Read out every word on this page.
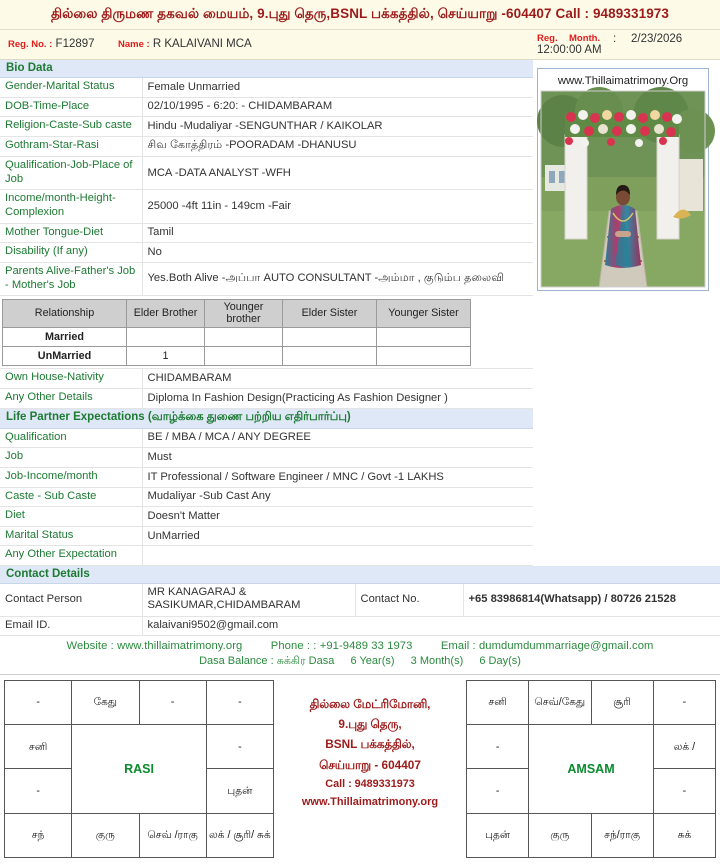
தில்லை திருமண தகவல் மையம், 9.புது தெரு,BSNL பக்கத்தில், செய்யாறு -604407 Call : 9489331973
Reg. No. : F12897 Name : R KALAIVANI MCA	Reg.	Month.	:	2/23/2026
12:00:00 AM
Bio Data
Gender-Marital Status	Female Unmarried
DOB-Time-Place	02/10/1995 - 6:20: - CHIDAMBARAM
Religion-Caste-Sub caste	Hindu -Mudaliyar -SENGUNTHAR / KAIKOLAR
Gothram-Star-Rasi	சிவ கோத்திரம் -POORADAM -DHANUSU
Qualification-Job-Place of Job	MCA -DATA ANALYST -WFH
Income/month-Height-Complexion	25000 -4ft 11in - 149cm -Fair
Mother Tongue-Diet	Tamil
Disability (If any)	No
Parents Alive-Father's Job - Mother's Job	Yes.Both Alive -அப்பா AUTO CONSULTANT -அம்மா , குடும்ப தலைவி
Relationship	Elder Brother	Younger brother	Elder Sister	Younger Sister
Married				
UnMarried	1			
Own House-Nativity	CHIDAMBARAM
Any Other Details	Diploma In Fashion Design(Practicing As Fashion Designer )
Life Partner Expectations (வாழ்க்கை துணை பற்றிய எதிர்பார்ப்பு)
Qualification	BE / MBA / MCA / ANY DEGREE
Job	Must
Job-Income/month	IT Professional / Software Engineer / MNC / Govt -1 LAKHS
Caste - Sub Caste	Mudaliyar -Sub Cast Any
Diet	Doesn't Matter
Marital Status	UnMarried
Any Other Expectation	
www.Thillaimatrimony.Org
Contact Details
Contact Person	MR KANAGARAJ & SASIKUMAR,CHIDAMBARAM	Contact No.	+65 83986814(Whatsapp) / 80726 21528
Email ID.	kalaivani9502@gmail.com		
Website : www.thillaimatrimony.org	Phone : : +91-9489 33 1973	Email : dumdumdummarriage@gmail.com
Dasa Balance : சுக்கிர Dasa 6 Year(s) 3 Month(s) 6 Day(s)
-	கேது	-	-
சனி	RASI		-
-			புதன்
சந்	குரு	செவ் /ராகு	லக் / சூரி/ சுக்
தில்லை மேட்ரிமோனி,
9.புது தெரு,
BSNL பக்கத்தில்,
செய்யாறு - 604407
Call : 9489331973
www.Thillaimatrimony.org
சனி	செவ்/கேது	சூரி	-
-	AMSAM		லக் /
-			-
புதன்	குரு	சந்/ராகு	சுக்
